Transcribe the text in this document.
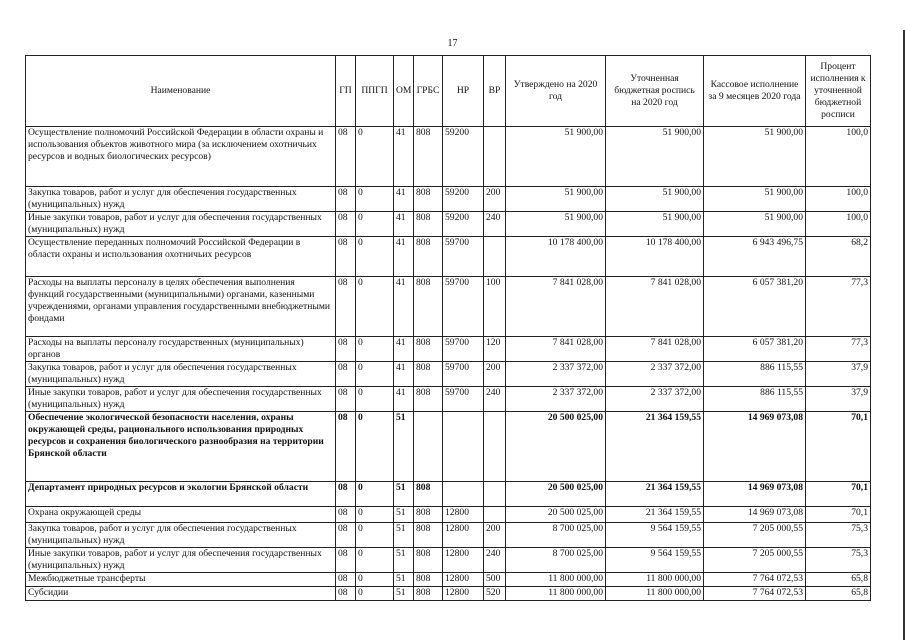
17
Наименование	ГП	ППГП	ОМ	ГРБС	НР	ВР	Утверждено на 2020 год	Уточненная бюджетная роспись на 2020 год	Кассовое исполнение за 9 месяцев 2020 года	Процент исполнения к уточненной бюджетной росписи
Осуществление полномочий Российской Федерации в области охраны и использования объектов животного мира (за исключением охотничьих ресурсов и водных биологических ресурсов)	08	0	41	808	59200		51 900,00	51 900,00	51 900,00	100,0
Закупка товаров, работ и услуг для обеспечения государственных (муниципальных) нужд	08	0	41	808	59200	200	51 900,00	51 900,00	51 900,00	100,0
Иные закупки товаров, работ и услуг для обеспечения государственных (муниципальных) нужд	08	0	41	808	59200	240	51 900,00	51 900,00	51 900,00	100,0
Осуществление переданных полномочий Российской Федерации в области охраны и использования охотничьих ресурсов	08	0	41	808	59700		10 178 400,00	10 178 400,00	6 943 496,75	68,2
Расходы на выплаты персоналу в целях обеспечения выполнения функций государственными (муниципальными) органами, казенными учреждениями, органами управления государственными внебюджетными фондами	08	0	41	808	59700	100	7 841 028,00	7 841 028,00	6 057 381,20	77,3
Расходы на выплаты персоналу государственных (муниципальных) органов	08	0	41	808	59700	120	7 841 028,00	7 841 028,00	6 057 381,20	77,3
Закупка товаров, работ и услуг для обеспечения государственных (муниципальных) нужд	08	0	41	808	59700	200	2 337 372,00	2 337 372,00	886 115,55	37,9
Иные закупки товаров, работ и услуг для обеспечения государственных (муниципальных) нужд	08	0	41	808	59700	240	2 337 372,00	2 337 372,00	886 115,55	37,9
Обеспечение экологической безопасности населения, охраны окружающей среды, рационального использования природных ресурсов и сохранения биологического разнообразия на территории Брянской области	08	0	51				20 500 025,00	21 364 159,55	14 969 073,08	70,1
Департамент природных ресурсов и экологии Брянской области	08	0	51	808			20 500 025,00	21 364 159,55	14 969 073,08	70,1
Охрана окружающей среды	08	0	51	808	12800		20 500 025,00	21 364 159,55	14 969 073,08	70,1
Закупка товаров, работ и услуг для обеспечения государственных (муниципальных) нужд	08	0	51	808	12800	200	8 700 025,00	9 564 159,55	7 205 000,55	75,3
Иные закупки товаров, работ и услуг для обеспечения государственных (муниципальных) нужд	08	0	51	808	12800	240	8 700 025,00	9 564 159,55	7 205 000,55	75,3
Межбюджетные трансферты	08	0	51	808	12800	500	11 800 000,00	11 800 000,00	7 764 072,53	65,8
Субсидии	08	0	51	808	12800	520	11 800 000,00	11 800 000,00	7 764 072,53	65,8
